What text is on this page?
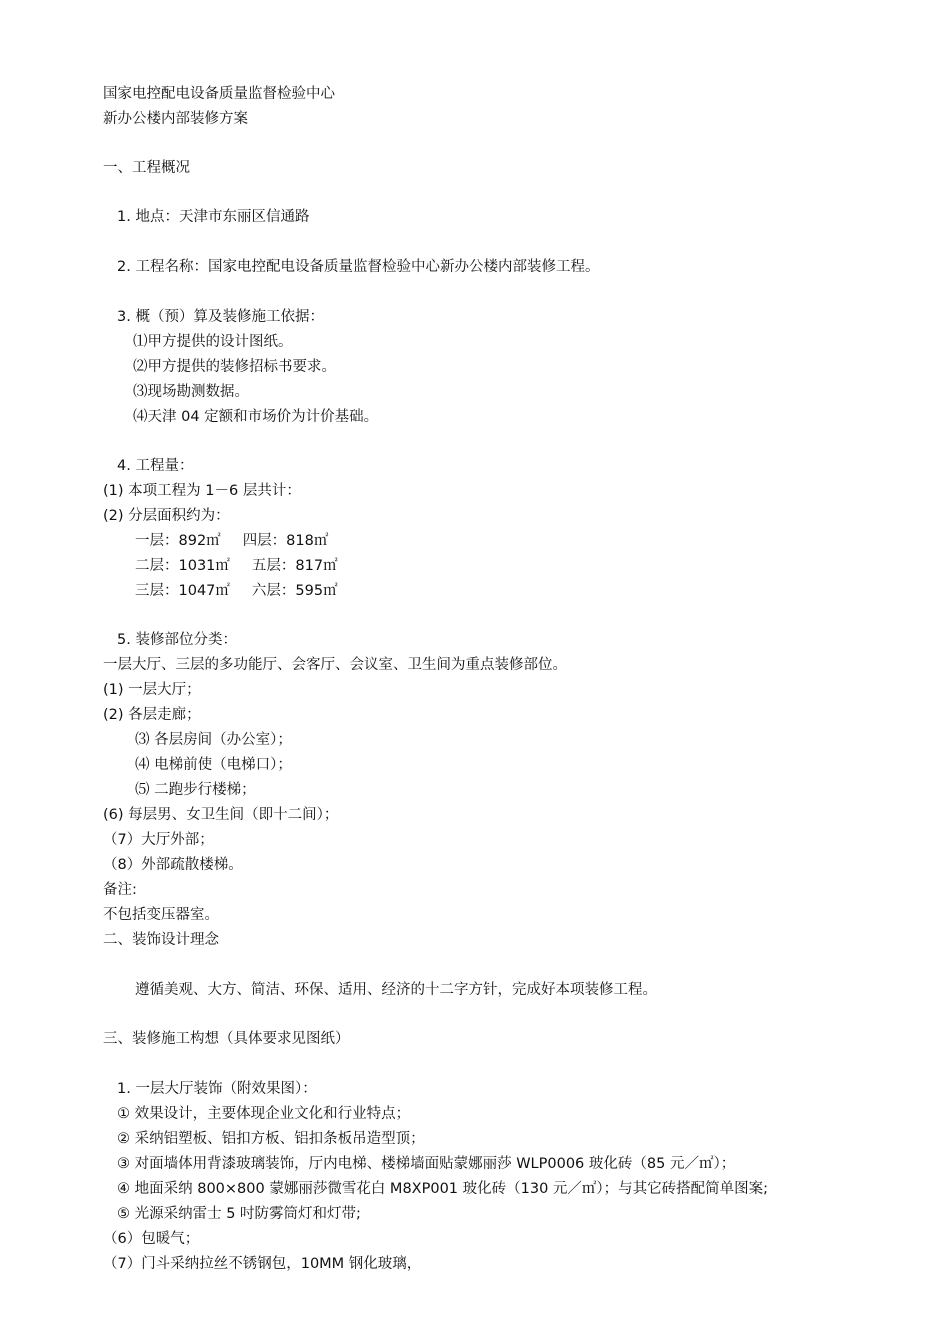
国家电控配电设备质量监督检验中心
新办公楼内部装修方案
一、工程概况
1. 地点：天津市东丽区信通路
2. 工程名称：国家电控配电设备质量监督检验中心新办公楼内部装修工程。
3. 概（预）算及装修施工依据：
⑴甲方提供的设计图纸。
⑵甲方提供的装修招标书要求。
⑶现场勘测数据。
⑷天津 04 定额和市场价为计价基础。
4. 工程量：
(1) 本项工程为 1－6 层共计：
(2) 分层面积约为：
一层：892㎡ 四层：818㎡
二层：1031㎡ 五层：817㎡
三层：1047㎡ 六层：595㎡
5. 装修部位分类：
一层大厅、三层的多功能厅、会客厅、会议室、卫生间为重点装修部位。
(1) 一层大厅；
(2) 各层走廊；
⑶ 各层房间（办公室）；
⑷ 电梯前使（电梯口）；
⑸ 二跑步行楼梯；
(6) 每层男、女卫生间（即十二间）；
（7）大厅外部；
（8）外部疏散楼梯。
备注:
不包括变压器室。
二、装饰设计理念
遵循美观、大方、简洁、环保、适用、经济的十二字方针，完成好本项装修工程。
三、装修施工构想（具体要求见图纸）
1. 一层大厅装饰（附效果图）：
① 效果设计，主要体现企业文化和行业特点；
② 采纳铝塑板、铝扣方板、铝扣条板吊造型顶；
③ 对面墙体用背漆玻璃装饰，厅内电梯、楼梯墙面贴蒙娜丽莎 WLP0006 玻化砖（85 元／㎡）；
④ 地面采纳 800×800 蒙娜丽莎微雪花白 M8XP001 玻化砖（130 元／㎡）；与其它砖搭配简单图案;
⑤ 光源采纳雷士 5 吋防雾筒灯和灯带;
（6）包暖气；
（7）门斗采纳拉丝不锈钢包，10MM 钢化玻璃，
